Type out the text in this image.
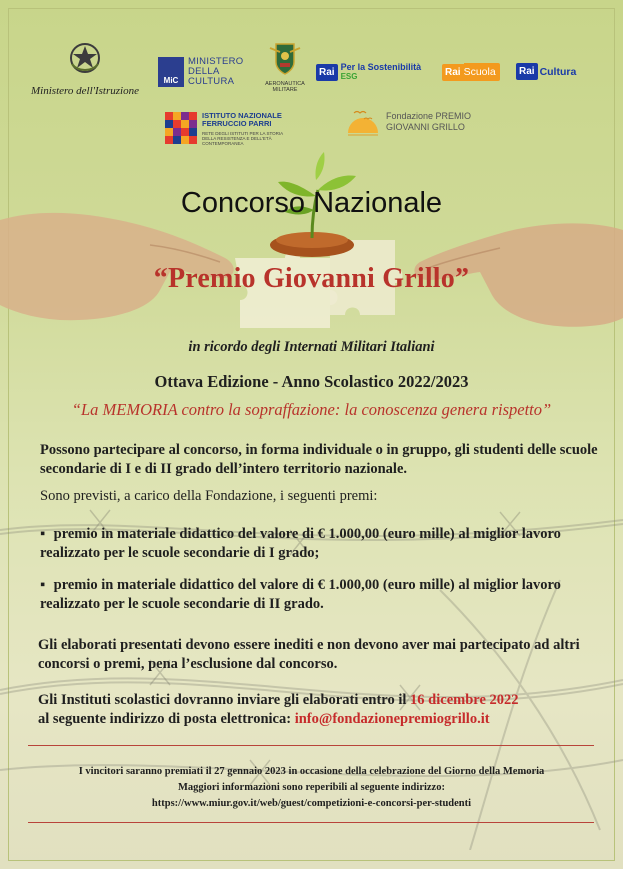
Ministero dell'Istruzione
MiC
MINISTERO
DELLA
CULTURA	AERONAUTICA
MILITARE
Rai Per la Sostenibilità
ESG	Rai Scuola	Rai Cultura
ISTITUTO NAZIONALE
FERRUCCIO PARRI
RETE DEGLI ISTITUTI PER LA STORIA DELLA RESISTENZA E DELL'ETÀ CONTEMPORANEA
Fondazione PREMIO
GIOVANNI GRILLO
Concorso Nazionale
“Premio Giovanni Grillo”
in ricordo degli Internati Militari Italiani
Ottava Edizione - Anno Scolastico 2022/2023
“La MEMORIA contro la sopraffazione: la conoscenza genera rispetto”
Possono partecipare al concorso, in forma individuale o in gruppo, gli studenti delle scuole secondarie di I e di II grado dell’intero territorio nazionale.
Sono previsti, a carico della Fondazione, i seguenti premi:
▪ premio in materiale didattico del valore di € 1.000,00 (euro mille) al miglior lavoro realizzato per le scuole secondarie di I grado;
▪ premio in materiale didattico del valore di € 1.000,00 (euro mille) al miglior lavoro realizzato per le scuole secondarie di II grado.
Gli elaborati presentati devono essere inediti e non devono aver mai partecipato ad altri concorsi o premi, pena l’esclusione dal concorso.
Gli Instituti scolastici dovranno inviare gli elaborati entro il 16 dicembre 2022
al seguente indirizzo di posta elettronica: info@fondazionepremiogrillo.it
I vincitori saranno premiati il 27 gennaio 2023 in occasione della celebrazione del Giorno della Memoria
Maggiori informazioni sono reperibili al seguente indirizzo:
https://www.miur.gov.it/web/guest/competizioni-e-concorsi-per-studenti
